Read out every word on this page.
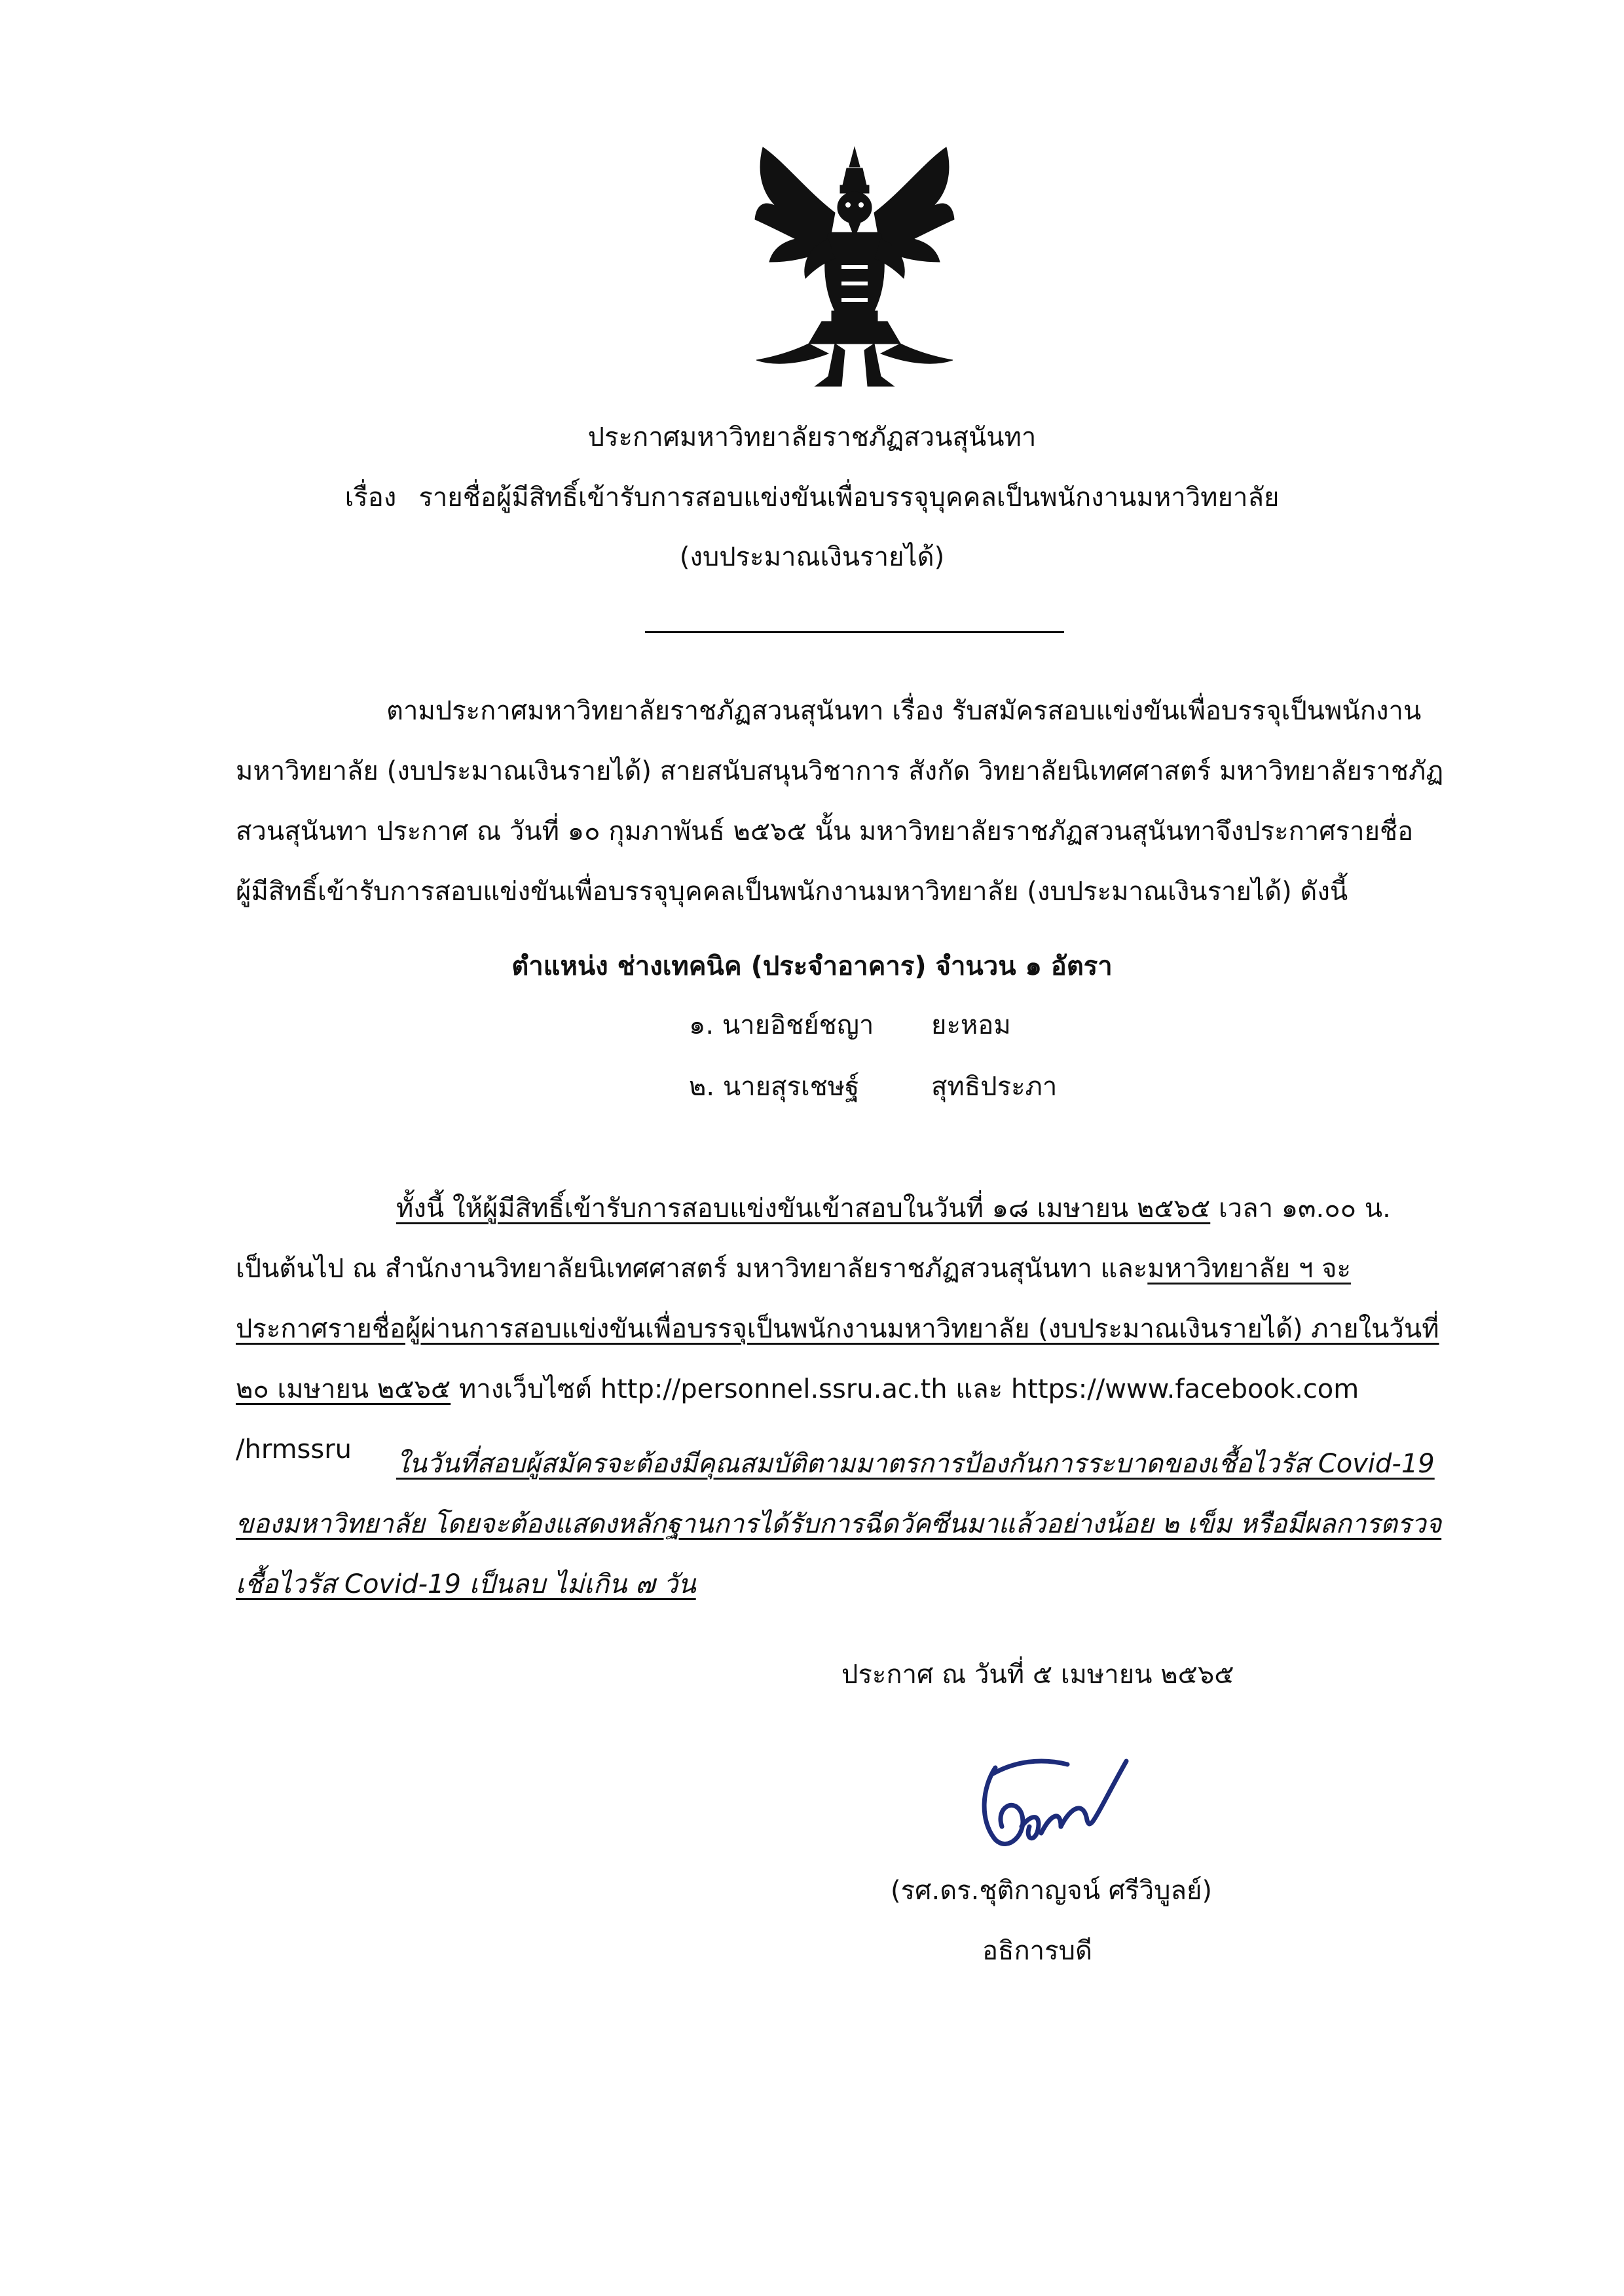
ประกาศมหาวิทยาลัยราชภัฏสวนสุนันทา
เรื่อง รายชื่อผู้มีสิทธิ์เข้ารับการสอบแข่งขันเพื่อบรรจุบุคคลเป็นพนักงานมหาวิทยาลัย
(งบประมาณเงินรายได้)
ตามประกาศมหาวิทยาลัยราชภัฏสวนสุนันทา เรื่อง รับสมัครสอบแข่งขันเพื่อบรรจุเป็นพนักงาน
มหาวิทยาลัย (งบประมาณเงินรายได้) สายสนับสนุนวิชาการ สังกัด วิทยาลัยนิเทศศาสตร์ มหาวิทยาลัยราชภัฏ
สวนสุนันทา ประกาศ ณ วันที่ ๑๐ กุมภาพันธ์ ๒๕๖๕ นั้น มหาวิทยาลัยราชภัฏสวนสุนันทาจึงประกาศรายชื่อ
ผู้มีสิทธิ์เข้ารับการสอบแข่งขันเพื่อบรรจุบุคคลเป็นพนักงานมหาวิทยาลัย (งบประมาณเงินรายได้) ดังนี้
ตำแหน่ง ช่างเทคนิค (ประจำอาคาร) จำนวน ๑ อัตรา
๑. นายอิชย์ชญา ยะหอม
๒. นายสุรเชษฐ์	สุทธิประภา
ทั้งนี้ ให้ผู้มีสิทธิ์เข้ารับการสอบแข่งขันเข้าสอบในวันที่ ๑๘ เมษายน ๒๕๖๕ เวลา ๑๓.๐๐ น.
เป็นต้นไป ณ สำนักงานวิทยาลัยนิเทศศาสตร์ มหาวิทยาลัยราชภัฏสวนสุนันทา และมหาวิทยาลัย ฯ จะ
ประกาศรายชื่อผู้ผ่านการสอบแข่งขันเพื่อบรรจุเป็นพนักงานมหาวิทยาลัย (งบประมาณเงินรายได้) ภายในวันที่
๒๐ เมษายน ๒๕๖๕ ทางเว็บไซต์ http://personnel.ssru.ac.th และ https://www.facebook.com
/hrmssru	ในวันที่สอบผู้สมัครจะต้องมีคุณสมบัติตามมาตรการป้องกันการระบาดของเชื้อไวรัส Covid-19
ของมหาวิทยาลัย โดยจะต้องแสดงหลักฐานการได้รับการฉีดวัคซีนมาแล้วอย่างน้อย ๒ เข็ม หรือมีผลการตรวจ
เชื้อไวรัส Covid-19 เป็นลบ ไม่เกิน ๗ วัน
ประกาศ ณ วันที่ ๕ เมษายน ๒๕๖๕
(รศ.ดร.ชุติกาญจน์ ศรีวิบูลย์)
อธิการบดี
